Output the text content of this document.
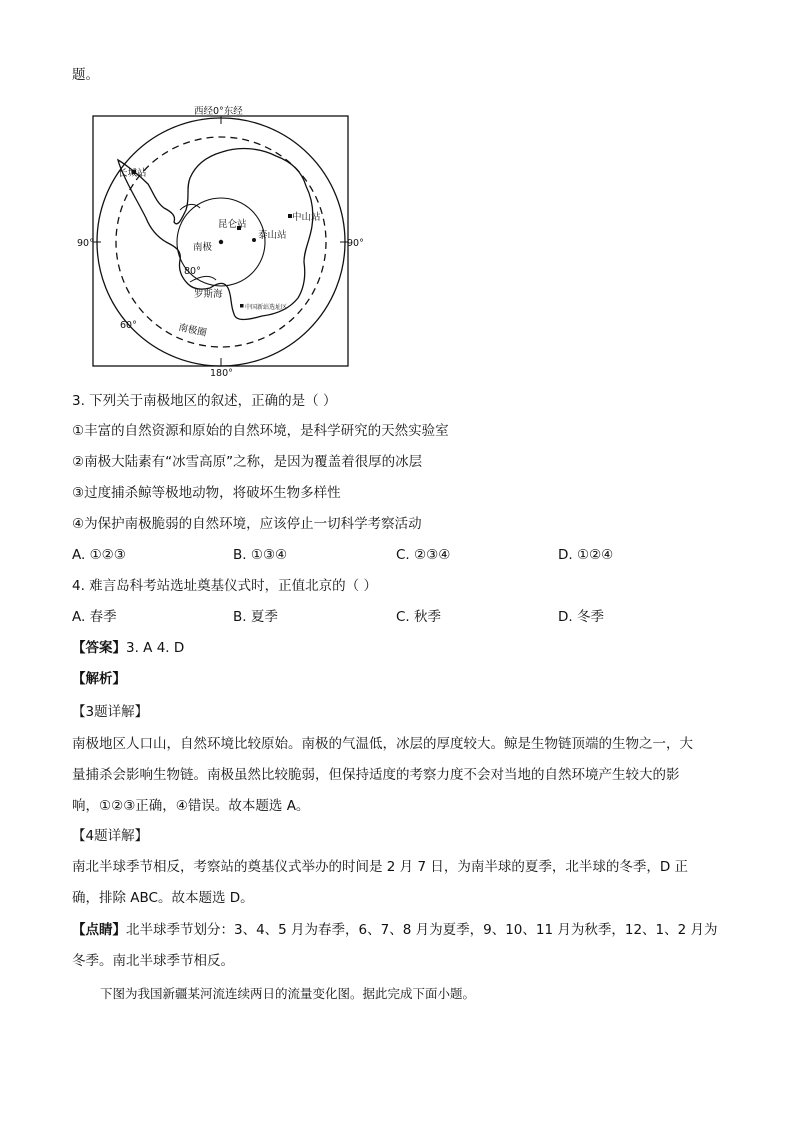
题。
西经0°东经
90°	90°
180°
60°
80°
长城站
中山站
昆仑站
泰山站
南极
罗斯海
中国新站选址区
南极圈
3. 下列关于南极地区的叙述，正确的是（ ）
①丰富的自然资源和原始的自然环境，是科学研究的天然实验室
②南极大陆素有“冰雪高原”之称，是因为覆盖着很厚的冰层
③过度捕杀鲸等极地动物，将破坏生物多样性
④为保护南极脆弱的自然环境，应该停止一切科学考察活动
A. ①②③	B. ①③④	C. ②③④	D. ①②④
4. 难言岛科考站选址奠基仪式时，正值北京的（ ）
A. 春季	B. 夏季	C. 秋季	D. 冬季
【答案】3. A 4. D
【解析】
【3题详解】
南极地区人口山，自然环境比较原始。南极的气温低，冰层的厚度较大。鲸是生物链顶端的生物之一，大
量捕杀会影响生物链。南极虽然比较脆弱，但保持适度的考察力度不会对当地的自然环境产生较大的影
响，①②③正确，④错误。故本题选 A。
【4题详解】
南北半球季节相反，考察站的奠基仪式举办的时间是 2 月 7 日，为南半球的夏季，北半球的冬季，D 正
确，排除 ABC。故本题选 D。
【点睛】北半球季节划分：3、4、5 月为春季，6、7、8 月为夏季，9、10、11 月为秋季，12、1、2 月为
冬季。南北半球季节相反。
下图为我国新疆某河流连续两日的流量变化图。据此完成下面小题。
